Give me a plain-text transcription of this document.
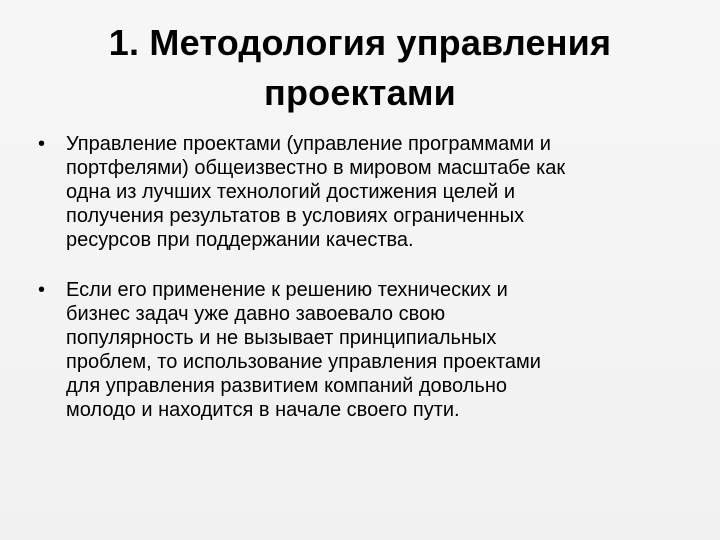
1. Методология управления
проектами
• Управление проектами (управление программами и
портфелями) общеизвестно в мировом масштабе как
одна из лучших технологий достижения целей и
получения результатов в условиях ограниченных
ресурсов при поддержании качества.
• Если его применение к решению технических и
бизнес задач уже давно завоевало свою
популярность и не вызывает принципиальных
проблем, то использование управления проектами
для управления развитием компаний довольно
молодо и находится в начале своего пути.
